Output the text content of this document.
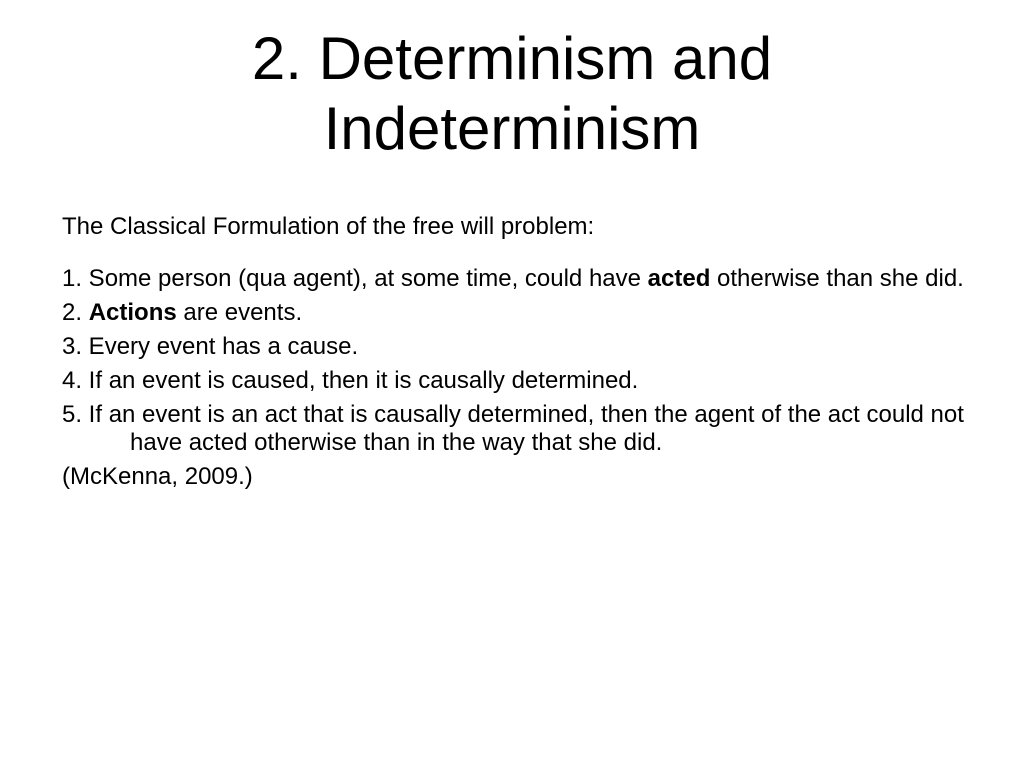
2. Determinism and
Indeterminism

The Classical Formulation of the free will problem:

1. Some person (qua agent), at some time, could have acted otherwise than she did.

2. Actions are events.

3. Every event has a cause.

4. If an event is caused, then it is causally determined.

5. If an event is an act that is causally determined, then the agent of the act could not have acted otherwise than in the way that she did.

(McKenna, 2009.)
